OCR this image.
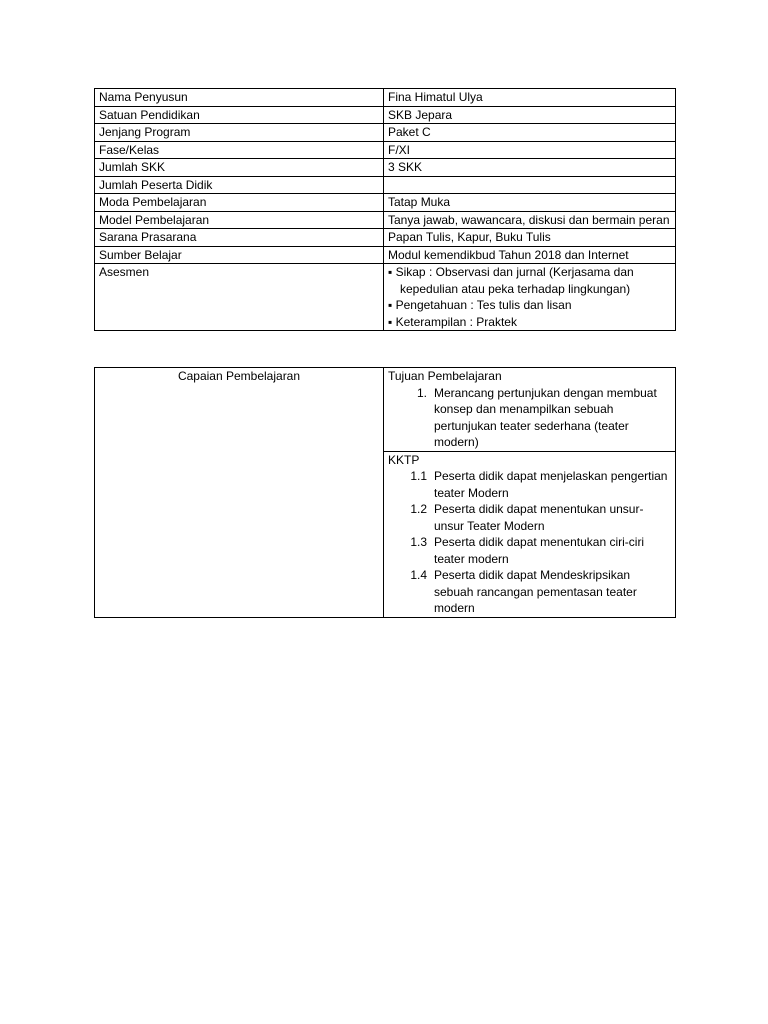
Nama Penyusun	Fina Himatul Ulya
Satuan Pendidikan	SKB Jepara
Jenjang Program	Paket C
Fase/Kelas	F/XI
Jumlah SKK	3 SKK
Jumlah Peserta Didik	
Moda Pembelajaran	Tatap Muka
Model Pembelajaran	Tanya jawab, wawancara, diskusi dan bermain peran
Sarana Prasarana	Papan Tulis, Kapur, Buku Tulis
Sumber Belajar	Modul kemendikbud Tahun 2018 dan Internet
Asesmen	▪ Sikap : Observasi dan jurnal (Kerjasama dan kepedulian atau peka terhadap lingkungan)
▪ Pengetahuan : Tes tulis dan lisan
▪ Keterampilan : Praktek
Capaian Pembelajaran	Tujuan Pembelajaran
1. Merancang pertunjukan dengan membuat konsep dan menampilkan sebuah pertunjukan teater sederhana (teater modern)

KKTP
1.1 Peserta didik dapat menjelaskan pengertian teater Modern
1.2 Peserta didik dapat menentukan unsur-unsur Teater Modern
1.3 Peserta didik dapat menentukan ciri-ciri teater modern
1.4 Peserta didik dapat Mendeskripsikan sebuah rancangan pementasan teater modern
